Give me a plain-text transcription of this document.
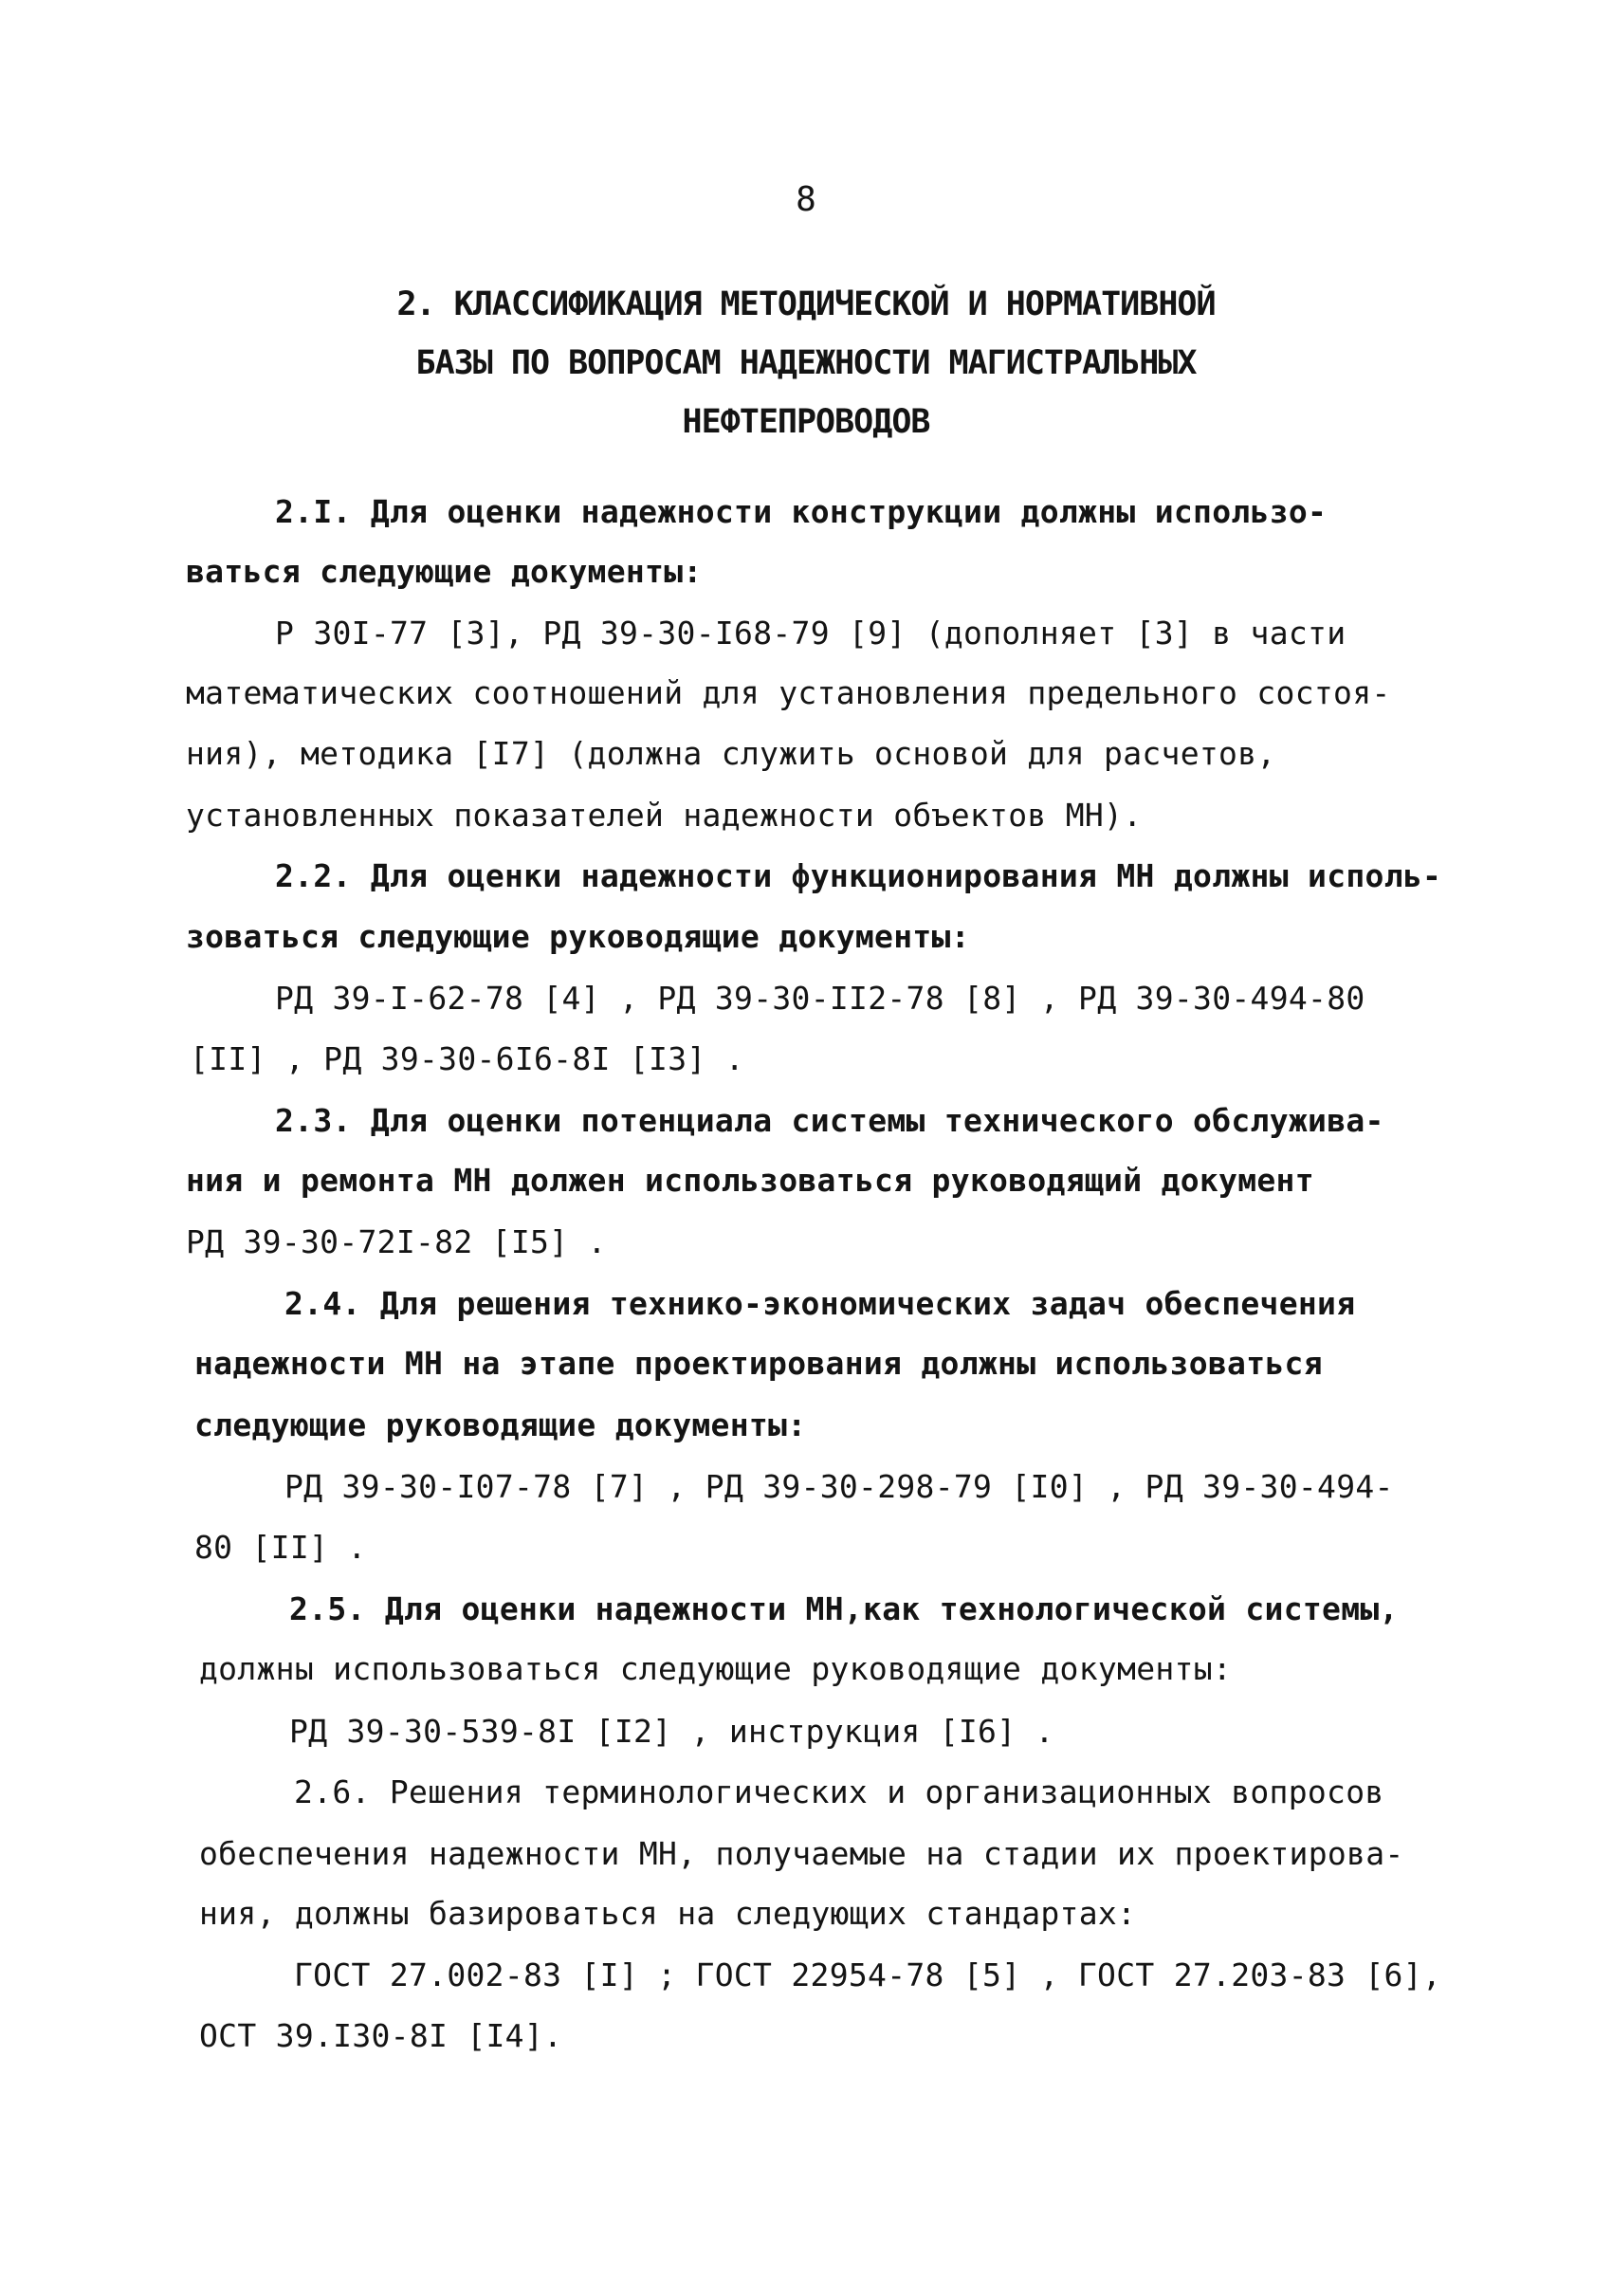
8
2. КЛАССИФИКАЦИЯ МЕТОДИЧЕСКОЙ И НОРМАТИВНОЙ
БАЗЫ ПО ВОПРОСАМ НАДЕЖНОСТИ МАГИСТРАЛЬНЫХ
НЕФТЕПРОВОДОВ
2.I. Для оценки надежности конструкции должны использо-
ваться следующие документы:
Р 30I-77 [3], РД 39-30-I68-79 [9] (дополняет [3] в части
математических соотношений для установления предельного состоя-
ния), методика [I7] (должна служить основой для расчетов,
установленных показателей надежности объектов МН).
2.2. Для оценки надежности функционирования МН должны исполь-
зоваться следующие руководящие документы:
РД 39-I-62-78 [4] , РД 39-30-II2-78 [8] , РД 39-30-494-80
[II] , РД 39-30-6I6-8I [I3] .
2.3. Для оценки потенциала системы технического обслужива-
ния и ремонта МН должен использоваться руководящий документ
РД 39-30-72I-82 [I5] .
2.4. Для решения технико-экономических задач обеспечения
надежности МН на этапе проектирования должны использоваться
следующие руководящие документы:
РД 39-30-I07-78 [7] , РД 39-30-298-79 [I0] , РД 39-30-494-
80 [II] .
2.5. Для оценки надежности МН,как технологической системы,
должны использоваться следующие руководящие документы:
РД 39-30-539-8I [I2] , инструкция [I6] .
2.6. Решения терминологических и организационных вопросов
обеспечения надежности МН, получаемые на стадии их проектирова-
ния, должны базироваться на следующих стандартах:
ГОСТ 27.002-83 [I] ; ГОСТ 22954-78 [5] , ГОСТ 27.203-83 [6],
ОСТ 39.I30-8I [I4].
